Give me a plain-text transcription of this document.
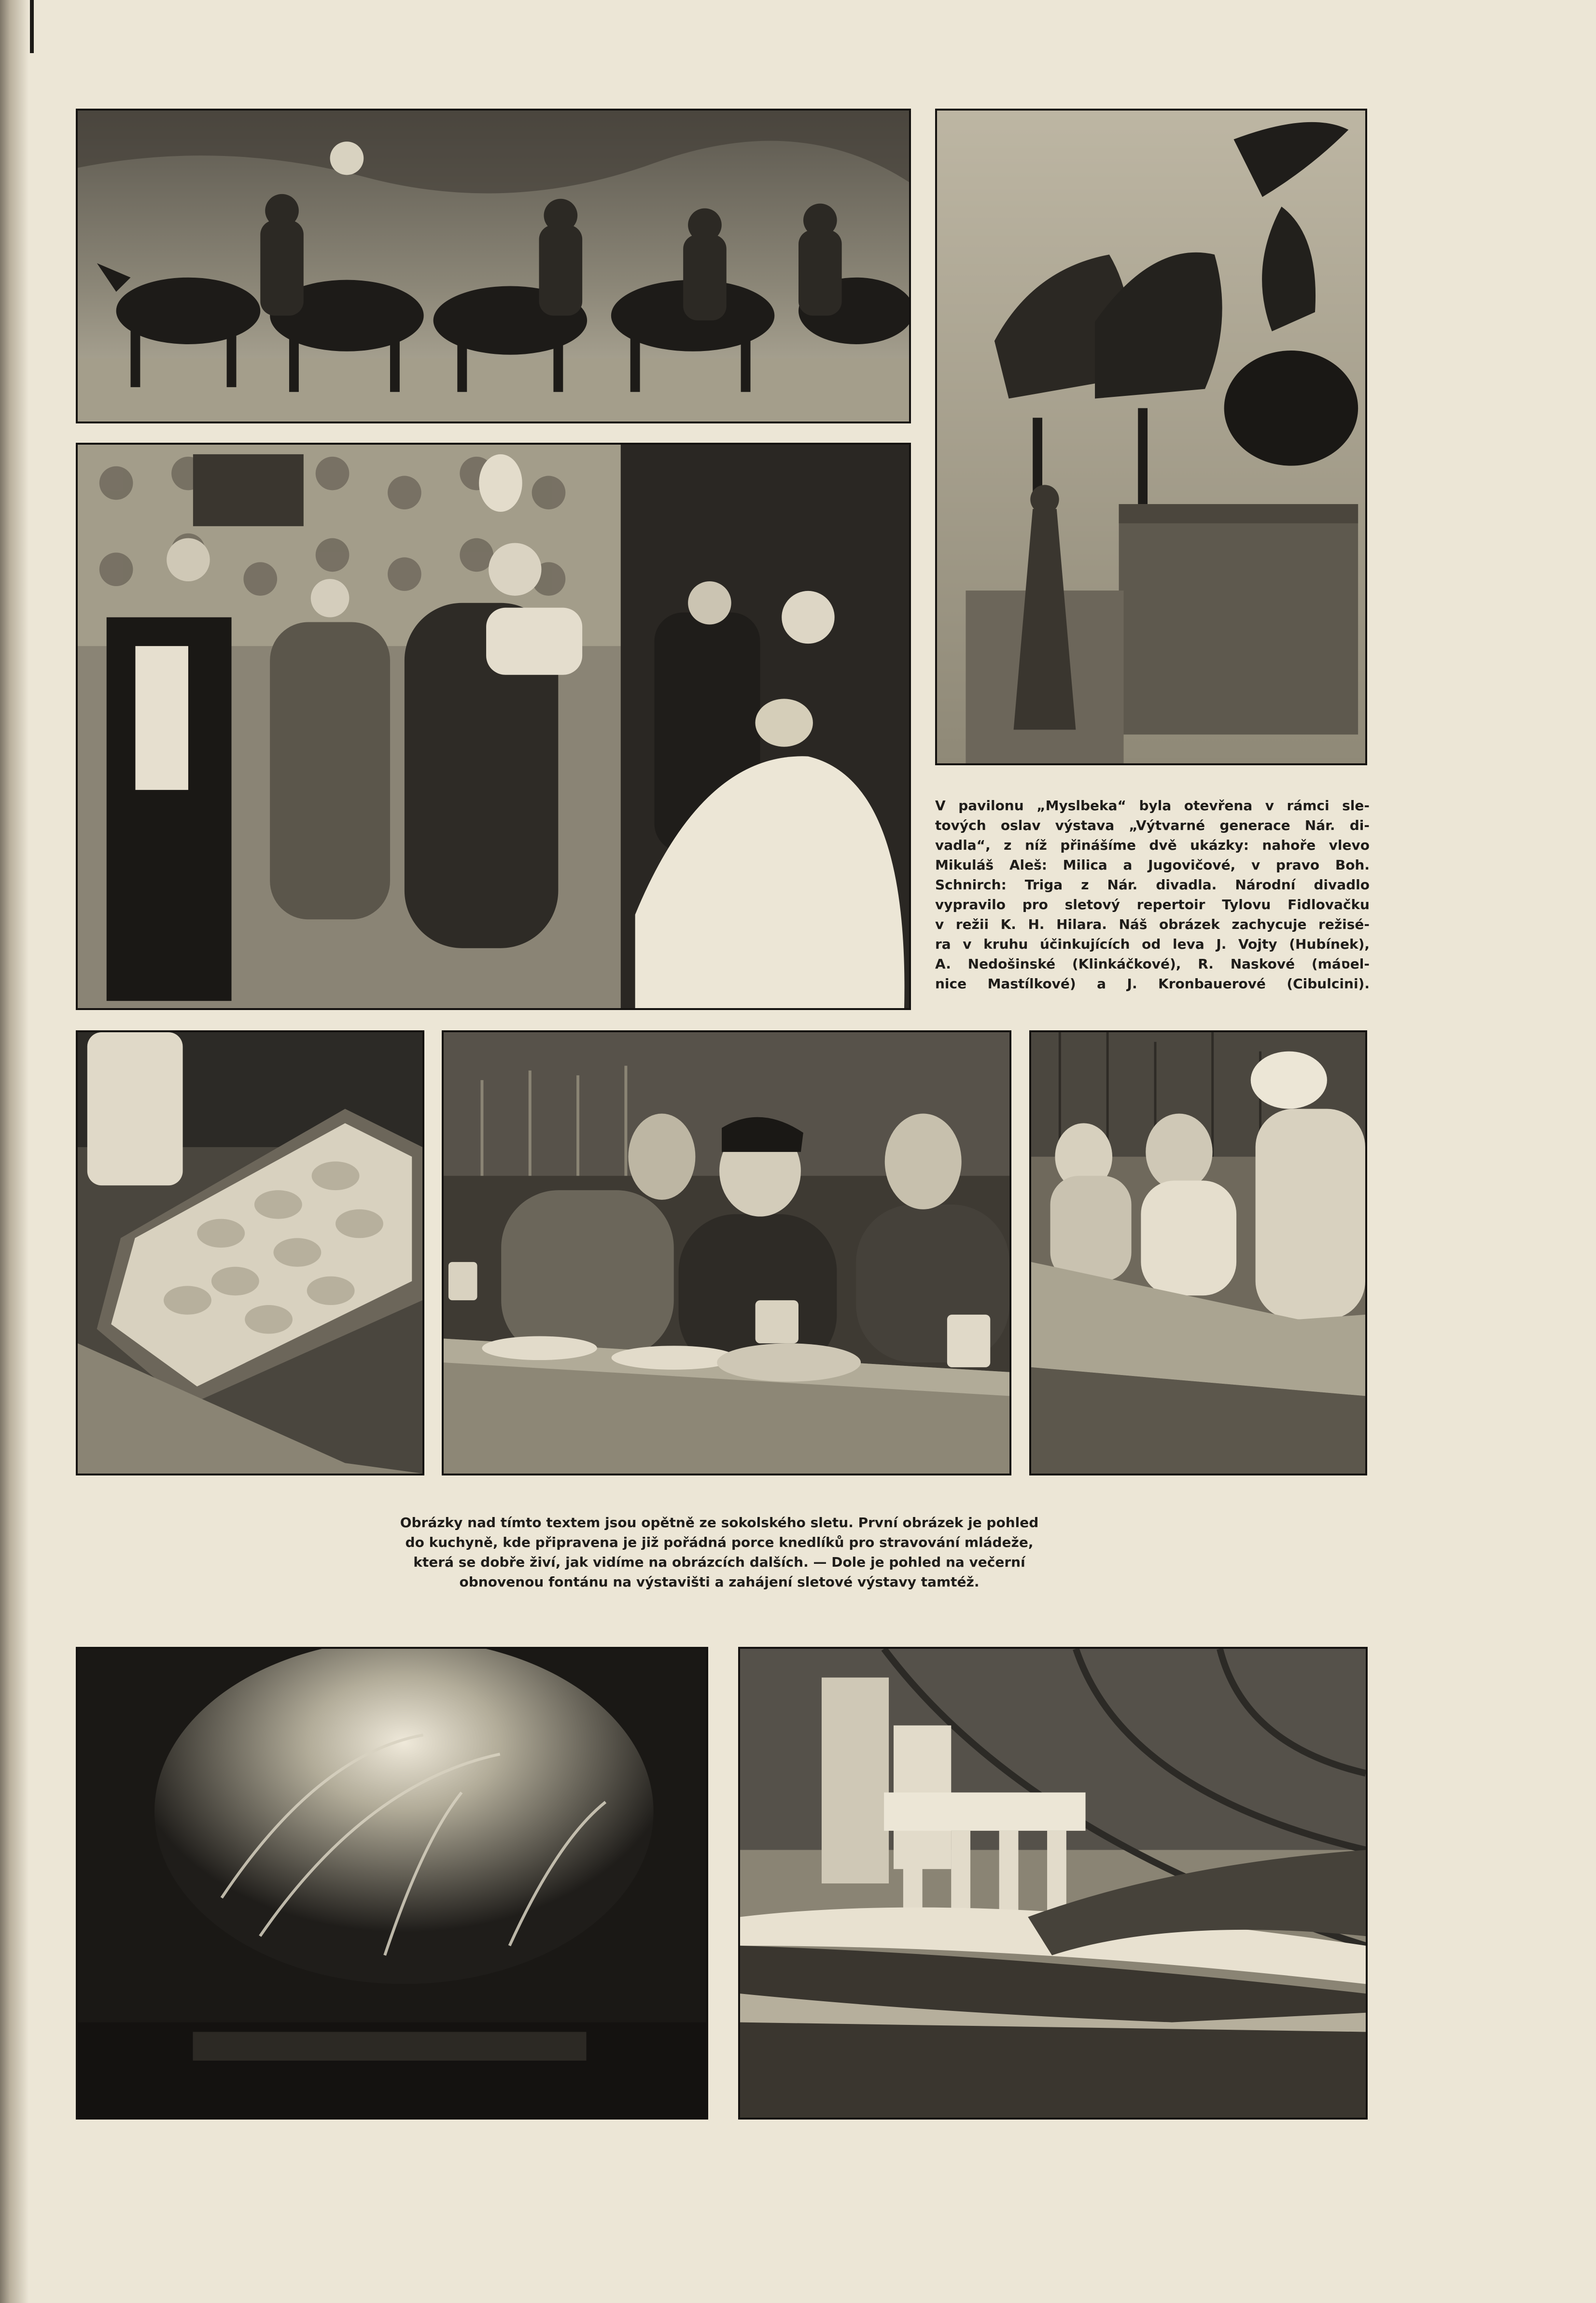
V pavilonu „Myslbeka“ byla otevřena v rámci sle-
tových oslav výstava „Výtvarné generace Nár. di-
vadla“, z níž přinášíme dvě ukázky: nahoře vlevo
Mikuláš Aleš: Milica a Jugovičové, v pravo Boh.
Schnirch: Triga z Nár. divadla. Národní divadlo
vypravilo pro sletový repertoir Tylovu Fidlovačku
v režii K. H. Hilara. Náš obrázek zachycuje režisé-
ra v kruhu účinkujících od leva J. Vojty (Hubínek),
A. Nedošinské (Klinkáčkové), R. Naskové (máסel-
nice Mastílkové) a J. Kronbauerové (Cibulcini).

Obrázky nad tímto textem jsou opětně ze sokolského sletu. První obrázek je pohled
do kuchyně, kde připravena je již pořádná porce knedlíků pro stravování mládeže,
která se dobře živí, jak vidíme na obrázcích dalších. — Dole je pohled na večerní
obnovenou fontánu na výstavišti a zahájení sletové výstavy tamtéž.
